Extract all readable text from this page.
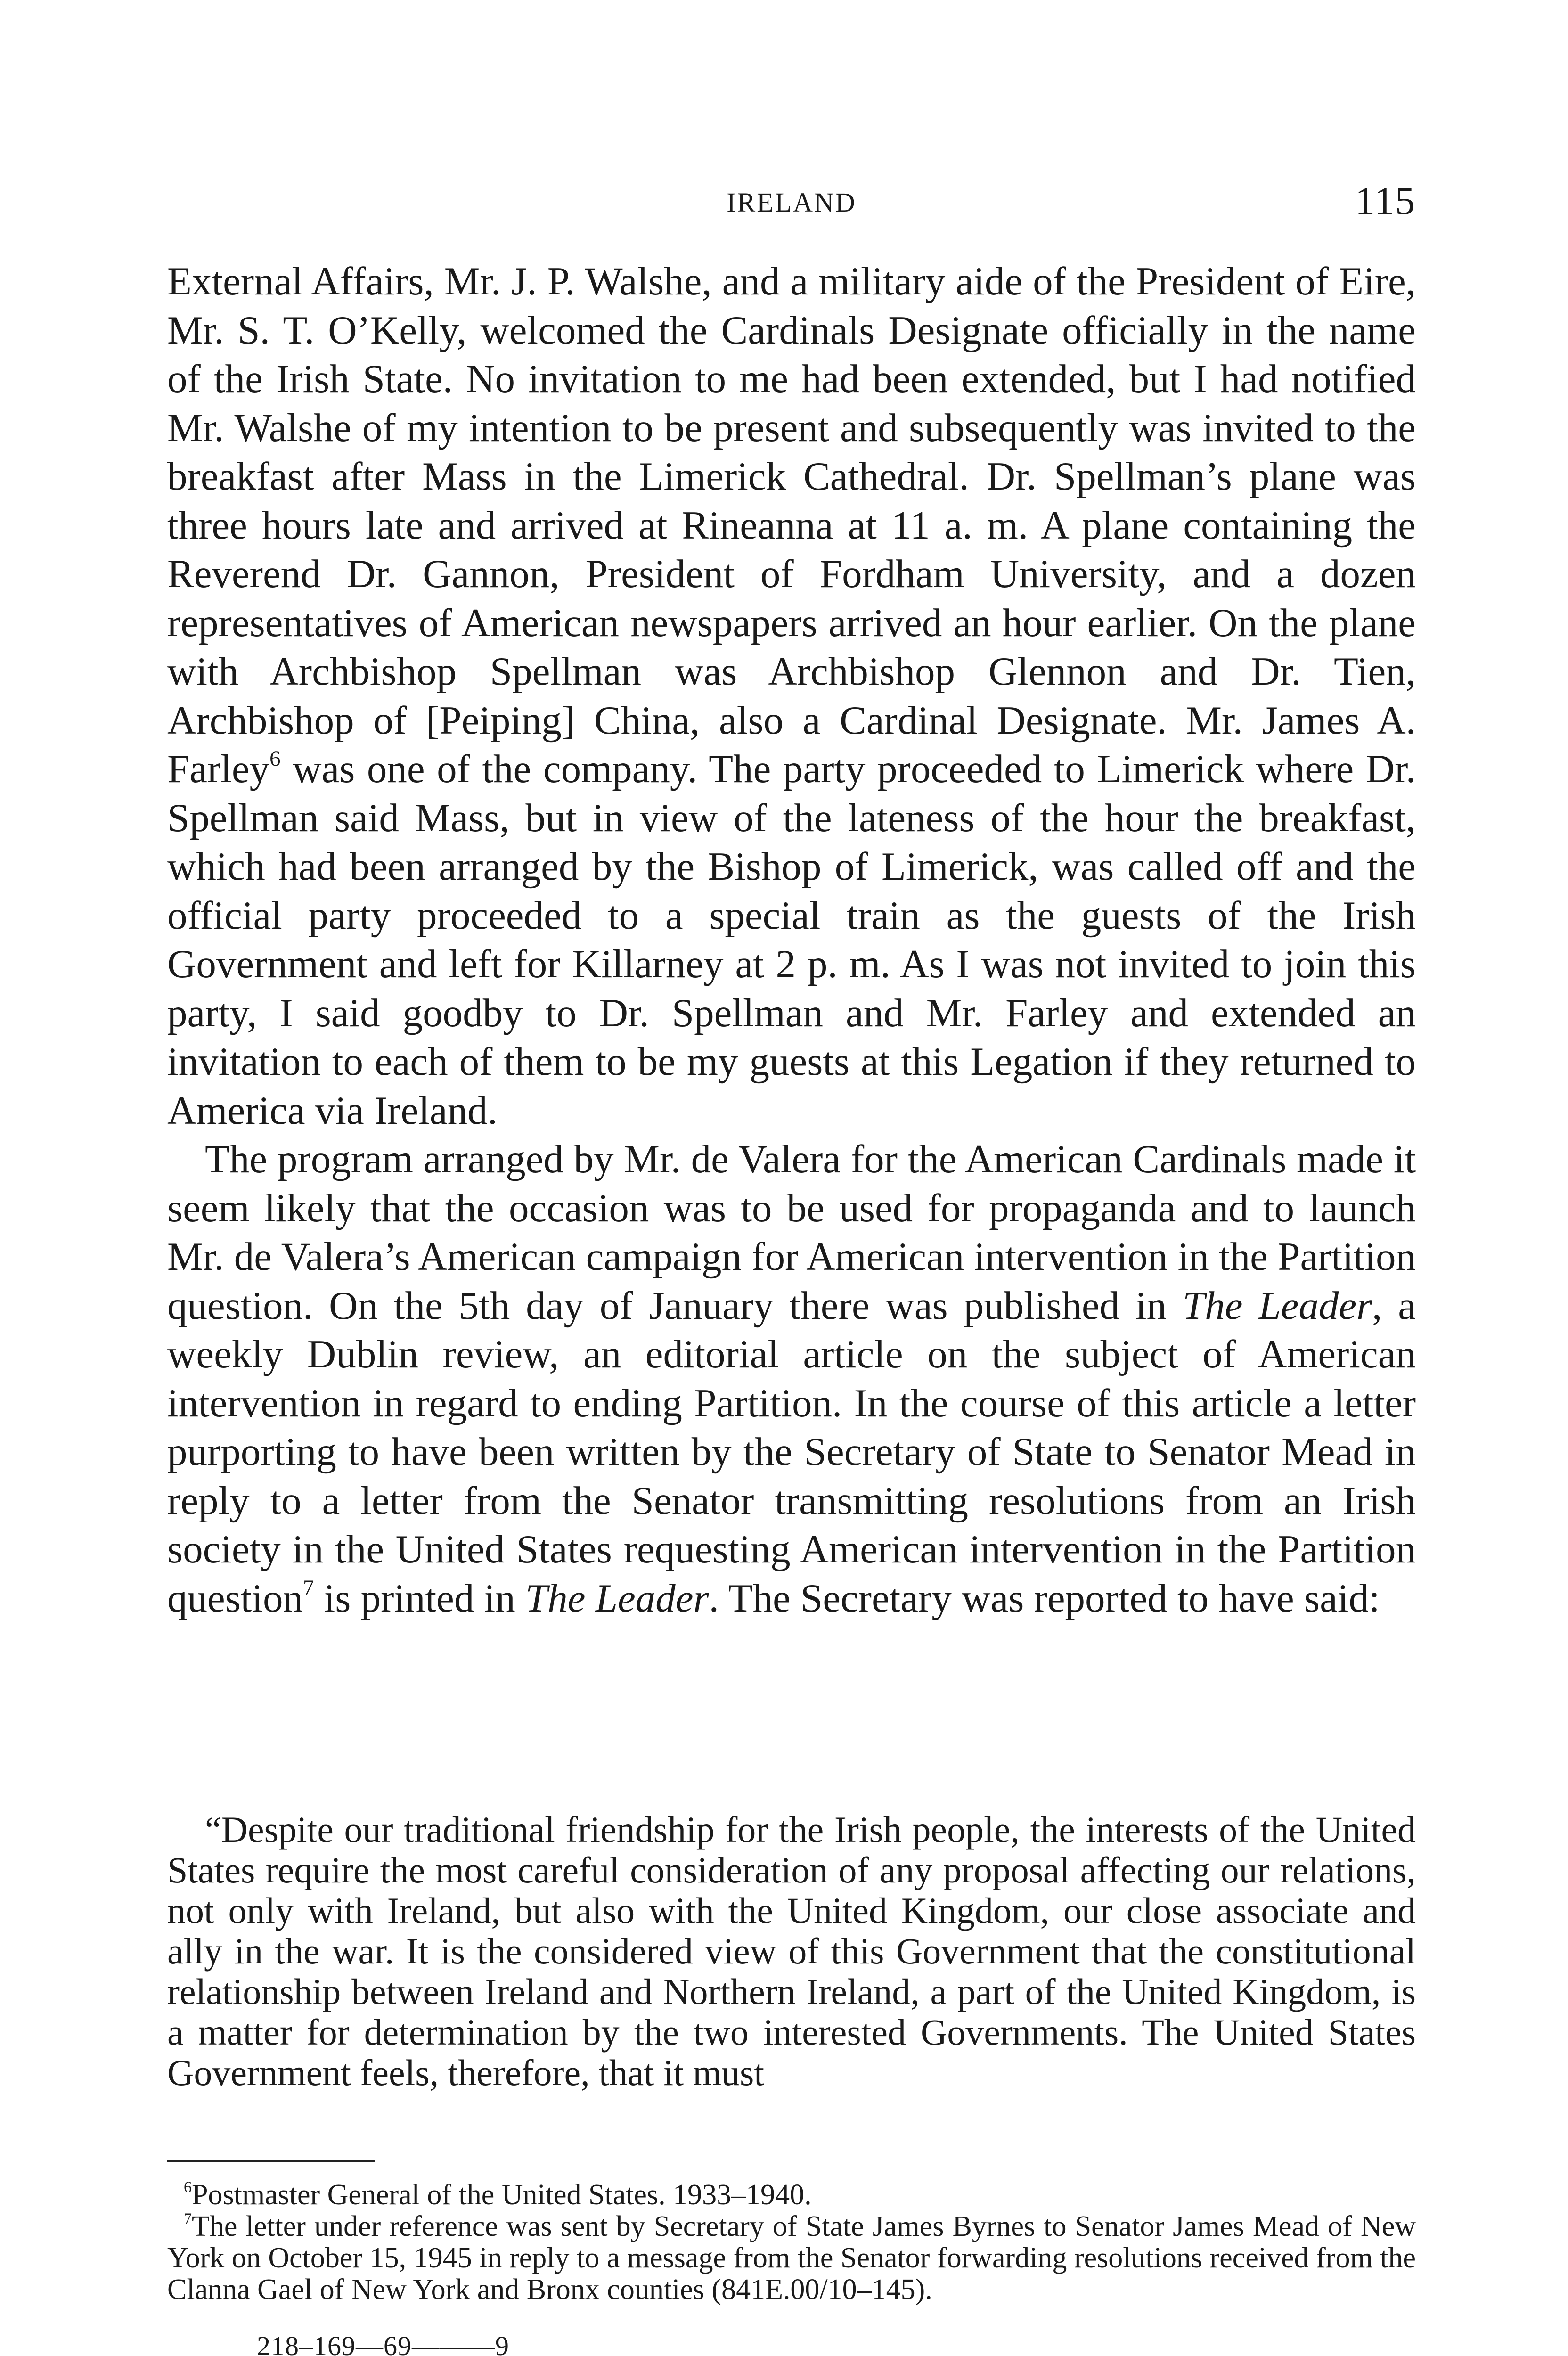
IRELAND	115

External Affairs, Mr. J. P. Walshe, and a military aide of the President of Eire, Mr. S. T. O’Kelly, welcomed the Cardinals Designate officially in the name of the Irish State. No invitation to me had been extended, but I had notified Mr. Walshe of my intention to be present and subsequently was invited to the breakfast after Mass in the Limerick Cathedral. Dr. Spellman’s plane was three hours late and arrived at Rineanna at 11 a. m. A plane containing the Reverend Dr. Gannon, President of Fordham University, and a dozen representatives of American newspapers arrived an hour earlier. On the plane with Archbishop Spellman was Archbishop Glennon and Dr. Tien, Archbishop of [Peiping] China, also a Cardinal Designate. Mr. James A. Farley$^6$ was one of the company. The party proceeded to Limerick where Dr. Spellman said Mass, but in view of the lateness of the hour the breakfast, which had been arranged by the Bishop of Limerick, was called off and the official party proceeded to a special train as the guests of the Irish Government and left for Killarney at 2 p. m. As I was not invited to join this party, I said goodby to Dr. Spellman and Mr. Farley and extended an invitation to each of them to be my guests at this Legation if they returned to America via Ireland.

The program arranged by Mr. de Valera for the American Cardinals made it seem likely that the occasion was to be used for propaganda and to launch Mr. de Valera’s American campaign for American intervention in the Partition question. On the 5th day of January there was published in The Leader, a weekly Dublin review, an editorial article on the subject of American intervention in regard to ending Partition. In the course of this article a letter purporting to have been written by the Secretary of State to Senator Mead in reply to a letter from the Senator transmitting resolutions from an Irish society in the United States requesting American intervention in the Partition question$^7$ is printed in The Leader. The Secretary was reported to have said:

“Despite our traditional friendship for the Irish people, the interests of the United States require the most careful consideration of any proposal affecting our relations, not only with Ireland, but also with the United Kingdom, our close associate and ally in the war. It is the considered view of this Government that the constitutional relationship between Ireland and Northern Ireland, a part of the United Kingdom, is a matter for determination by the two interested Governments. The United States Government feels, therefore, that it must

$^6$Postmaster General of the United States. 1933–1940.

$^7$The letter under reference was sent by Secretary of State James Byrnes to Senator James Mead of New York on October 15, 1945 in reply to a message from the Senator forwarding resolutions received from the Clanna Gael of New York and Bronx counties (841E.00/10–145).

218–169—69———9
